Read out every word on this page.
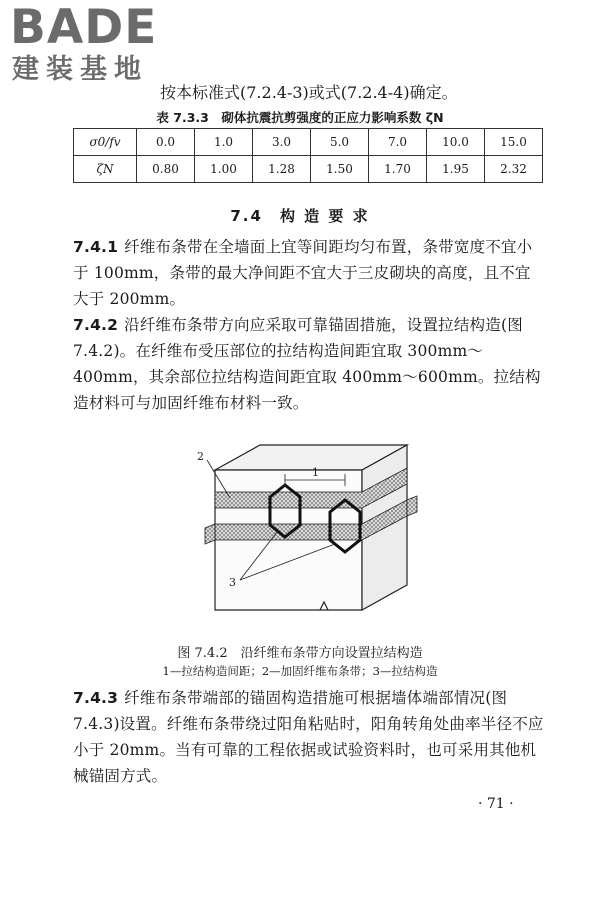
BADE
建装基地
按本标准式(7.2.4-3)或式(7.2.4-4)确定。
表 7.3.3　砌体抗震抗剪强度的正应力影响系数 ζN
σ0/fv	0.0	1.0	3.0	5.0	7.0	10.0	15.0
ζN	0.80	1.00	1.28	1.50	1.70	1.95	2.32
7.4　构 造 要 求
7.4.1 纤维布条带在全墙面上宜等间距均匀布置，条带宽度不宜小于 100mm，条带的最大净间距不宜大于三皮砌块的高度，且不宜大于 200mm。
7.4.2 沿纤维布条带方向应采取可靠锚固措施，设置拉结构造(图 7.4.2)。在纤维布受压部位的拉结构造间距宜取 300mm～400mm，其余部位拉结构造间距宜取 400mm～600mm。拉结构造材料可与加固纤维布材料一致。
1
2
3
图 7.4.2　沿纤维布条带方向设置拉结构造
1—拉结构造间距；2—加固纤维布条带；3—拉结构造
7.4.3 纤维布条带端部的锚固构造措施可根据墙体端部情况(图 7.4.3)设置。纤维布条带绕过阳角粘贴时，阳角转角处曲率半径不应小于 20mm。当有可靠的工程依据或试验资料时，也可采用其他机械锚固方式。
· 71 ·
